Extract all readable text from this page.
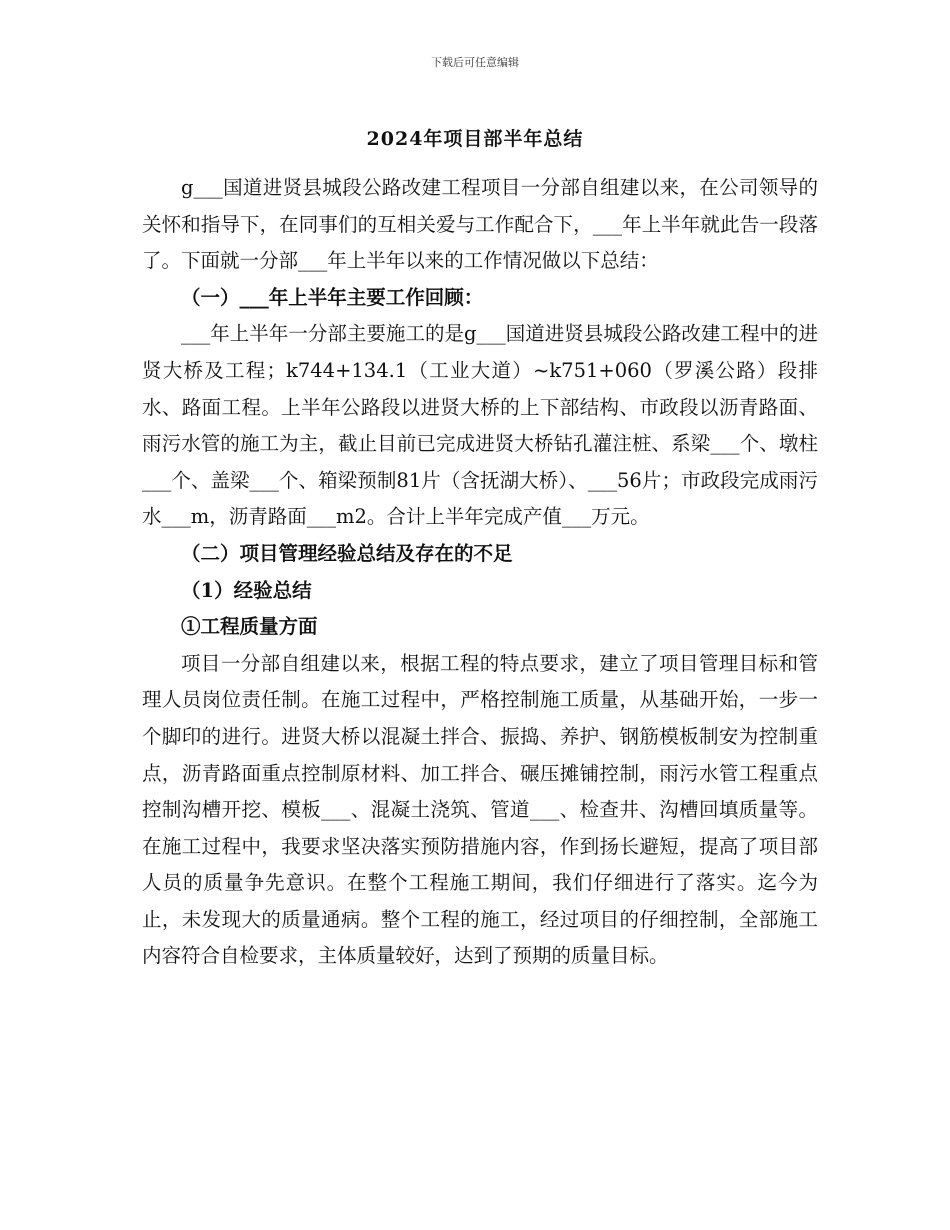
下载后可任意编辑
2024年项目部半年总结

g___国道进贤县城段公路改建工程项目一分部自组建以来，在公司领导的关怀和指导下，在同事们的互相关爱与工作配合下，___年上半年就此告一段落了。下面就一分部___年上半年以来的工作情况做以下总结：

（一）___年上半年主要工作回顾：

___年上半年一分部主要施工的是g___国道进贤县城段公路改建工程中的进贤大桥及工程；k744+134.1（工业大道）~k751+060（罗溪公路）段排水、路面工程。上半年公路段以进贤大桥的上下部结构、市政段以沥青路面、雨污水管的施工为主，截止目前已完成进贤大桥钻孔灌注桩、系梁___个、墩柱___个、盖梁___个、箱梁预制81片（含抚湖大桥）、___56片；市政段完成雨污水___m，沥青路面___m2。合计上半年完成产值___万元。

（二）项目管理经验总结及存在的不足

（1）经验总结

①工程质量方面

项目一分部自组建以来，根据工程的特点要求，建立了项目管理目标和管理人员岗位责任制。在施工过程中，严格控制施工质量，从基础开始，一步一个脚印的进行。进贤大桥以混凝土拌合、振捣、养护、钢筋模板制安为控制重点，沥青路面重点控制原材料、加工拌合、碾压摊铺控制，雨污水管工程重点控制沟槽开挖、模板___、混凝土浇筑、管道___、检查井、沟槽回填质量等。在施工过程中，我要求坚决落实预防措施内容，作到扬长避短，提高了项目部人员的质量争先意识。在整个工程施工期间，我们仔细进行了落实。迄今为止，未发现大的质量通病。整个工程的施工，经过项目的仔细控制，全部施工内容符合自检要求，主体质量较好，达到了预期的质量目标。
